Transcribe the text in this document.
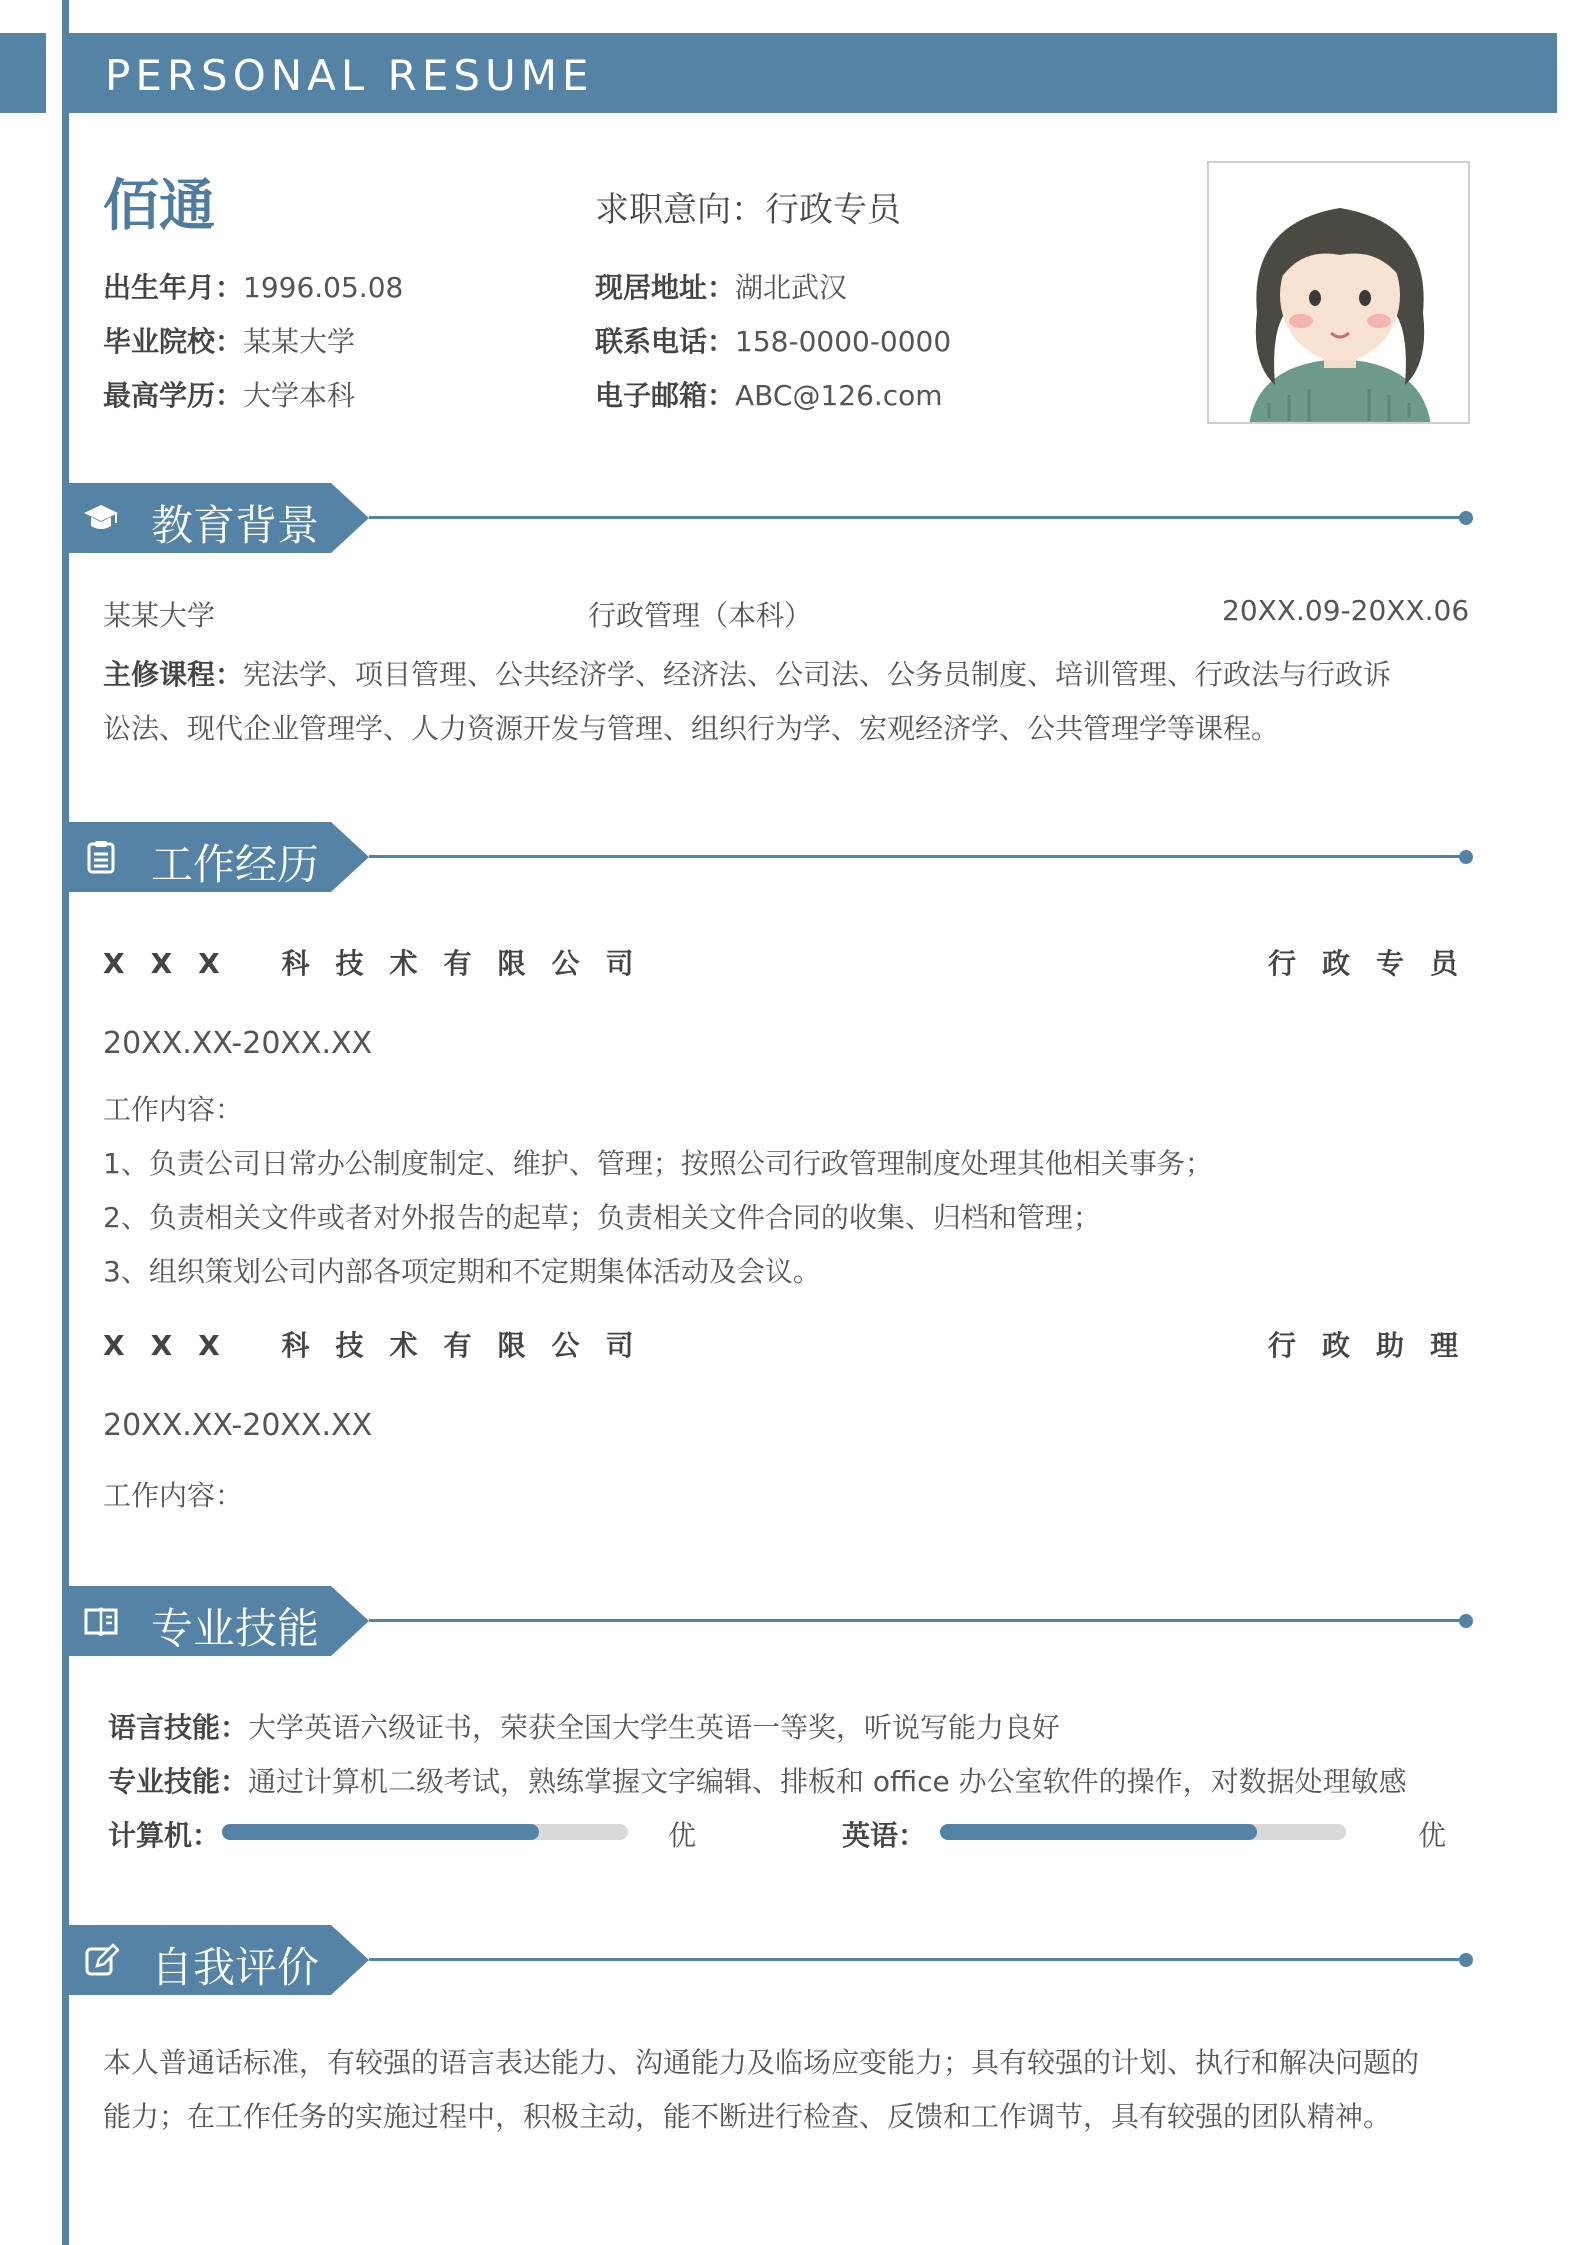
PERSONAL RESUME
佰通	求职意向：行政专员
出生年月：1996.05.08
毕业院校：某某大学
最高学历：大学本科
现居地址：湖北武汉
联系电话：158-0000-0000
电子邮箱：ABC@126.com
教育背景
某某大学	行政管理（本科）	20XX.09-20XX.06
主修课程：宪法学、项目管理、公共经济学、经济法、公司法、公务员制度、培训管理、行政法与行政诉
讼法、现代企业管理学、人力资源开发与管理、组织行为学、宏观经济学、公共管理学等课程。
工作经历
XXX 科技术有限公司	行政专员
20XX.XX-20XX.XX
工作内容：
1、负责公司日常办公制度制定、维护、管理；按照公司行政管理制度处理其他相关事务；
2、负责相关文件或者对外报告的起草；负责相关文件合同的收集、归档和管理；
3、组织策划公司内部各项定期和不定期集体活动及会议。
XXX 科技术有限公司	行政助理
20XX.XX-20XX.XX
工作内容：
专业技能
语言技能：大学英语六级证书，荣获全国大学生英语一等奖，听说写能力良好
专业技能：通过计算机二级考试，熟练掌握文字编辑、排板和 office 办公室软件的操作，对数据处理敏感
计算机：	优	英语：	优
自我评价
本人普通话标准，有较强的语言表达能力、沟通能力及临场应变能力；具有较强的计划、执行和解决问题的
能力；在工作任务的实施过程中，积极主动，能不断进行检查、反馈和工作调节，具有较强的团队精神。
